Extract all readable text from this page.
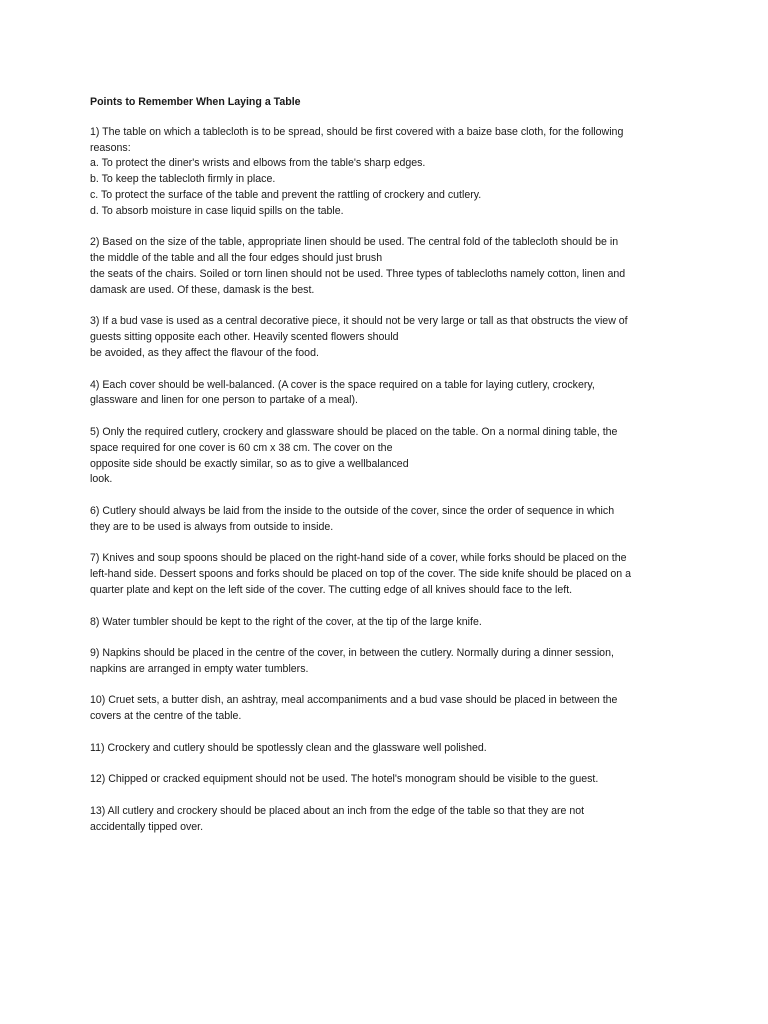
Points to Remember When Laying a Table
1) The table on which a tablecloth is to be spread, should be first covered with a baize base cloth, for the following
reasons:
a. To protect the diner's wrists and elbows from the table's sharp edges.
b. To keep the tablecloth firmly in place.
c. To protect the surface of the table and prevent the rattling of crockery and cutlery.
d. To absorb moisture in case liquid spills on the table.
2) Based on the size of the table, appropriate linen should be used. The central fold of the tablecloth should be in
the middle of the table and all the four edges should just brush
the seats of the chairs. Soiled or torn linen should not be used. Three types of tablecloths namely cotton, linen and
damask are used. Of these, damask is the best.
3) If a bud vase is used as a central decorative piece, it should not be very large or tall as that obstructs the view of
guests sitting opposite each other. Heavily scented flowers should
be avoided, as they affect the flavour of the food.
4) Each cover should be well-balanced. (A cover is the space required on a table for laying cutlery, crockery,
glassware and linen for one person to partake of a meal).
5) Only the required cutlery, crockery and glassware should be placed on the table. On a normal dining table, the
space required for one cover is 60 cm x 38 cm. The cover on the
opposite side should be exactly similar, so as to give a wellbalanced
look.
6) Cutlery should always be laid from the inside to the outside of the cover, since the order of sequence in which
they are to be used is always from outside to inside.
7) Knives and soup spoons should be placed on the right-hand side of a cover, while forks should be placed on the
left-hand side. Dessert spoons and forks should be placed on top of the cover. The side knife should be placed on a
quarter plate and kept on the left side of the cover. The cutting edge of all knives should face to the left.
8) Water tumbler should be kept to the right of the cover, at the tip of the large knife.
9) Napkins should be placed in the centre of the cover, in between the cutlery. Normally during a dinner session,
napkins are arranged in empty water tumblers.
10) Cruet sets, a butter dish, an ashtray, meal accompaniments and a bud vase should be placed in between the
covers at the centre of the table.
11) Crockery and cutlery should be spotlessly clean and the glassware well polished.
12) Chipped or cracked equipment should not be used. The hotel's monogram should be visible to the guest.
13) All cutlery and crockery should be placed about an inch from the edge of the table so that they are not
accidentally tipped over.
